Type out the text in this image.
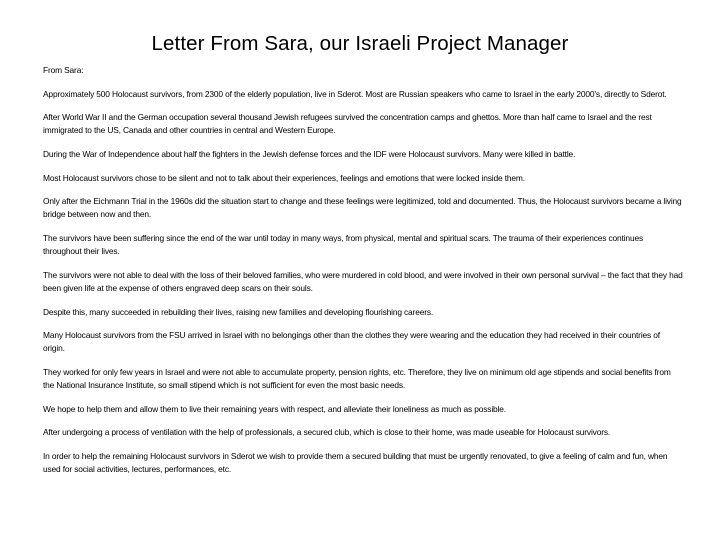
Letter From Sara, our Israeli Project Manager

From Sara:

Approximately 500 Holocaust survivors, from 2300 of the elderly population, live in Sderot. Most are Russian speakers who came to Israel in the early 2000’s, directly to Sderot.

After World War II and the German occupation several thousand Jewish refugees survived the concentration camps and ghettos. More than half came to Israel and the rest immigrated to the US, Canada and other countries in central and Western Europe.

During the War of Independence about half the fighters in the Jewish defense forces and the IDF were Holocaust survivors. Many were killed in battle.

Most Holocaust survivors chose to be silent and not to talk about their experiences, feelings and emotions that were locked inside them.

Only after the Eichmann Trial in the 1960s did the situation start to change and these feelings were legitimized, told and documented. Thus, the Holocaust survivors became a living bridge between now and then.

The survivors have been suffering since the end of the war until today in many ways, from physical, mental and spiritual scars. The trauma of their experiences continues throughout their lives.

The survivors were not able to deal with the loss of their beloved families, who were murdered in cold blood, and were involved in their own personal survival – the fact that they had been given life at the expense of others engraved deep scars on their souls.

Despite this, many succeeded in rebuilding their lives, raising new families and developing flourishing careers.

Many Holocaust survivors from the FSU arrived in Israel with no belongings other than the clothes they were wearing and the education they had received in their countries of origin.

They worked for only few years in Israel and were not able to accumulate property, pension rights, etc. Therefore, they live on minimum old age stipends and social benefits from the National Insurance Institute, so small stipend which is not sufficient for even the most basic needs.

We hope to help them and allow them to live their remaining years with respect, and alleviate their loneliness as much as possible.

After undergoing a process of ventilation with the help of professionals, a secured club, which is close to their home, was made useable for Holocaust survivors.

In order to help the remaining Holocaust survivors in Sderot we wish to provide them a secured building that must be urgently renovated, to give a feeling of calm and fun, when used for social activities, lectures, performances, etc.
